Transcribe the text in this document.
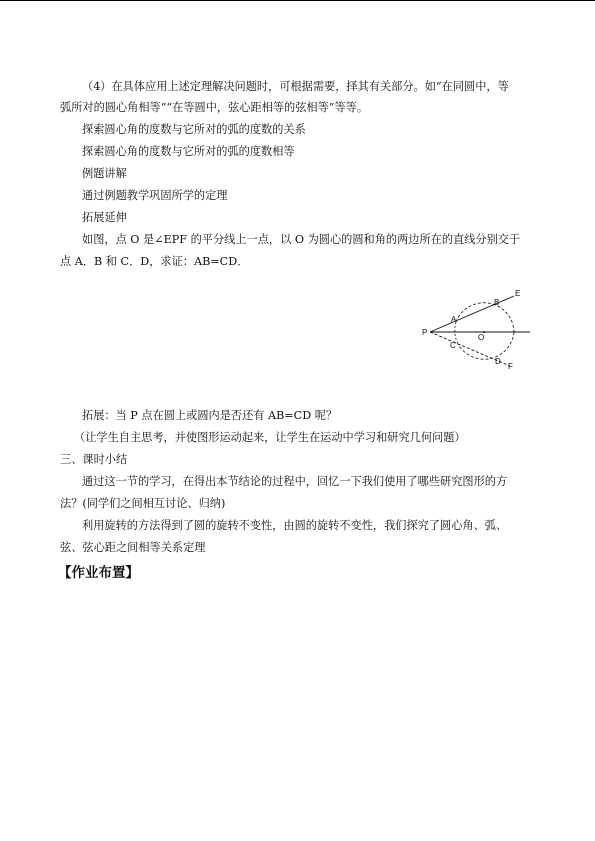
（4）在具体应用上述定理解决问题时，可根据需要，择其有关部分。如“在同圆中，等
弧所对的圆心角相等”“在等圆中，弦心距相等的弦相等”等等。
探索圆心角的度数与它所对的弧的度数的关系
探索圆心角的度数与它所对的弧的度数相等
例题讲解
通过例题教学巩固所学的定理
拓展延伸
如图，点 O 是∠EPF 的平分线上一点，以 O 为圆心的圆和角的两边所在的直线分别交于
点 A．B 和 C．D，求证：AB=CD．
P
A
B
E
O
C
D
F
拓展：当 P 点在圆上或圆内是否还有 AB=CD 呢？
（让学生自主思考，并使图形运动起来，让学生在运动中学习和研究几何问题）
三、课时小结
通过这一节的学习，在得出本节结论的过程中，回忆一下我们使用了哪些研究图形的方
法？(同学们之间相互讨论、归纳)
利用旋转的方法得到了圆的旋转不变性，由圆的旋转不变性，我们探究了圆心角、弧、
弦、弦心距之间相等关系定理
【作业布置】
